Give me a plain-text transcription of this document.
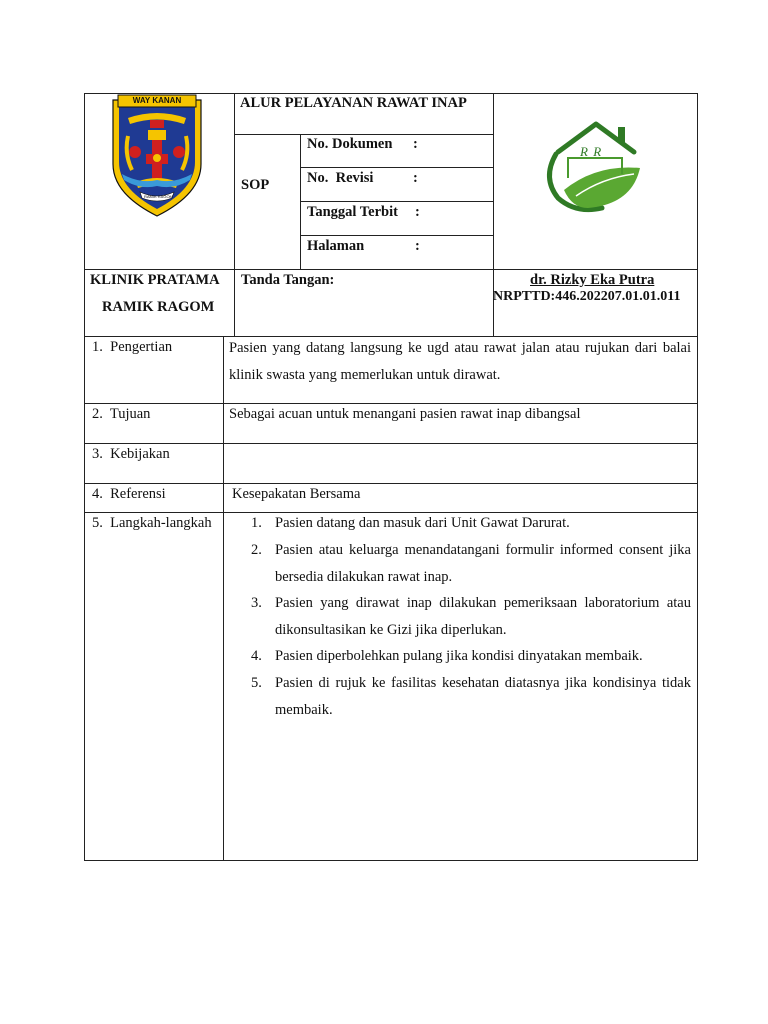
WAY KANAN
RAMIK RAGOM
ALUR PELAYANAN RAWAT INAP
SOP
No. Dokumen :
No.  Revisi	:
Tanggal Terbit :
Halaman	:
R R
KLINIK PRATAMA
RAMIK RAGOM
Tanda Tangan:	dr. Rizky Eka Putra
NRPTTD:446.202207.01.01.011
1.  Pengertian	Pasien yang datang langsung ke ugd atau rawat jalan atau rujukan dari balai
klinik swasta yang memerlukan untuk dirawat.
2.  Tujuan	Sebagai acuan untuk menangani pasien rawat inap dibangsal
3.  Kebijakan
4.  Referensi	Kesepakatan Bersama
5.  Langkah-langkah	1. Pasien datang dan masuk dari Unit Gawat Darurat.
2. Pasien atau keluarga menandatangani formulir informed consent jika
bersedia dilakukan rawat inap.
3. Pasien yang dirawat inap dilakukan pemeriksaan laboratorium atau
dikonsultasikan ke Gizi jika diperlukan.
4. Pasien diperbolehkan pulang jika kondisi dinyatakan membaik.
5. Pasien di rujuk ke fasilitas kesehatan diatasnya jika kondisinya tidak
membaik.
